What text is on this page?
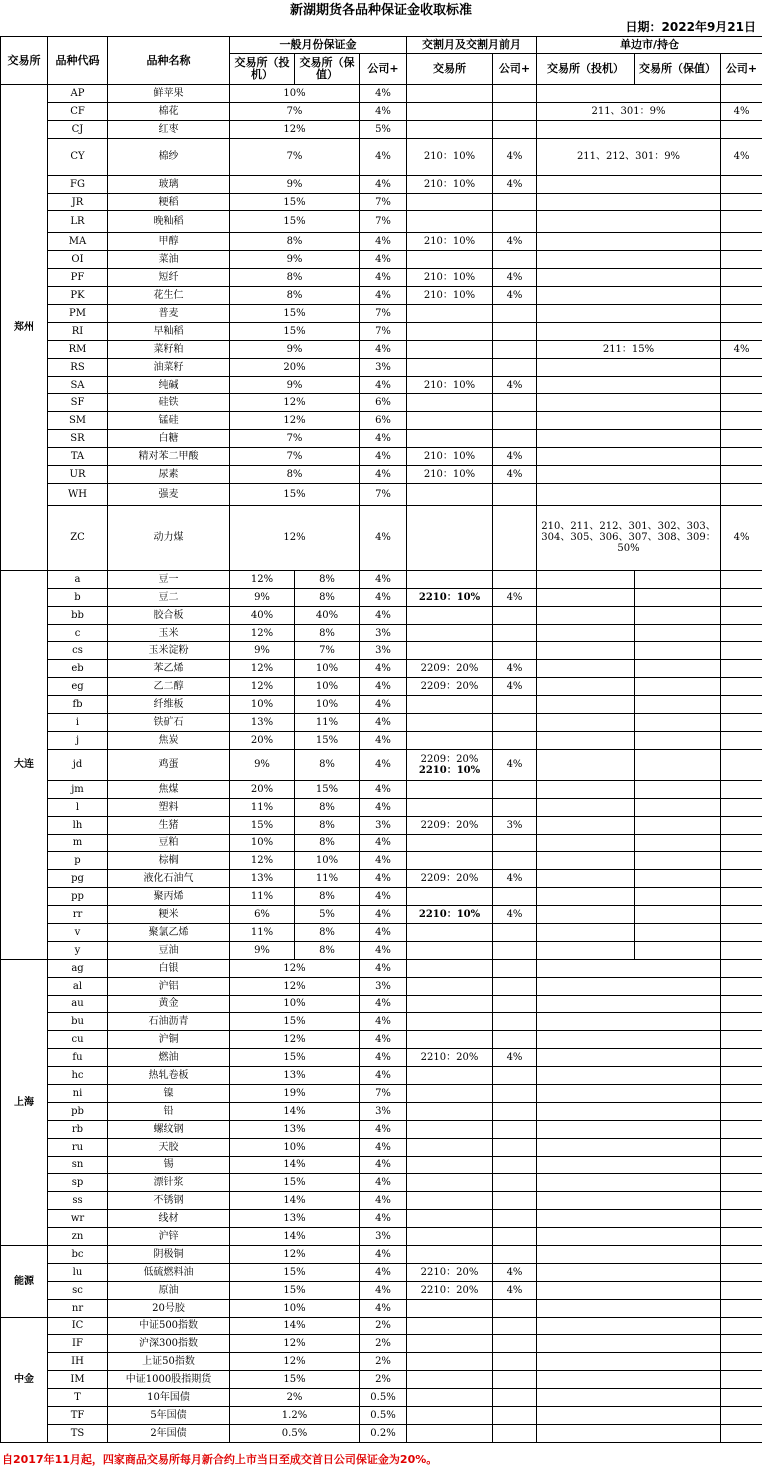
新湖期货各品种保证金收取标准
日期：2022年9月21日
交易所	品种代码	品种名称	一般月份保证金			交割月及交割月前月		单边市/持仓		
			交易所（投机）	交易所（保值）	公司+	交易所	公司+	交易所（投机）	交易所（保值）	公司+
郑州	AP	鲜苹果	10%		4%					
	CF	棉花	7%		4%			211、301：9%		4%
	CJ	红枣	12%		5%					
	CY	棉纱	7%		4%	210：10%	4%	211、212、301：9%		4%
	FG	玻璃	9%		4%	210：10%	4%			
	JR	粳稻	15%		7%					
	LR	晚籼稻	15%		7%					
	MA	甲醇	8%		4%	210：10%	4%			
	OI	菜油	9%		4%					
	PF	短纤	8%		4%	210：10%	4%			
	PK	花生仁	8%		4%	210：10%	4%			
	PM	普麦	15%		7%					
	RI	早籼稻	15%		7%					
	RM	菜籽粕	9%		4%			211：15%		4%
	RS	油菜籽	20%		3%					
	SA	纯碱	9%		4%	210：10%	4%			
	SF	硅铁	12%		6%					
	SM	锰硅	12%		6%					
	SR	白糖	7%		4%					
	TA	精对苯二甲酸	7%		4%	210：10%	4%			
	UR	尿素	8%		4%	210：10%	4%			
	WH	强麦	15%		7%					
	ZC	动力煤	12%		4%			210、211、212、301、302、303、304、305、306、307、308、309：50%		4%
大连	a	豆一	12%	8%	4%					
	b	豆二	9%	8%	4%	2210：10%	4%			
	bb	胶合板	40%	40%	4%					
	c	玉米	12%	8%	3%					
	cs	玉米淀粉	9%	7%	3%					
	eb	苯乙烯	12%	10%	4%	2209：20%	4%			
	eg	乙二醇	12%	10%	4%	2209：20%	4%			
	fb	纤维板	10%	10%	4%					
	i	铁矿石	13%	11%	4%					
	j	焦炭	20%	15%	4%					
	jd	鸡蛋	9%	8%	4%	2209：20%
2210：10%	4%			
	jm	焦煤	20%	15%	4%					
	l	塑料	11%	8%	4%					
	lh	生猪	15%	8%	3%	2209：20%	3%			
	m	豆粕	10%	8%	4%					
	p	棕榈	12%	10%	4%					
	pg	液化石油气	13%	11%	4%	2209：20%	4%			
	pp	聚丙烯	11%	8%	4%					
	rr	粳米	6%	5%	4%	2210：10%	4%			
	v	聚氯乙烯	11%	8%	4%					
	y	豆油	9%	8%	4%					
上海	ag	白银	12%		4%					
	al	沪铝	12%		3%					
	au	黄金	10%		4%					
	bu	石油沥青	15%		4%					
	cu	沪铜	12%		4%					
	fu	燃油	15%		4%	2210：20%	4%			
	hc	热轧卷板	13%		4%					
	ni	镍	19%		7%					
	pb	铅	14%		3%					
	rb	螺纹钢	13%		4%					
	ru	天胶	10%		4%					
	sn	锡	14%		4%					
	sp	漂针浆	15%		4%					
	ss	不锈钢	14%		4%					
	wr	线材	13%		4%					
	zn	沪锌	14%		3%					
能源	bc	阴极铜	12%		4%					
	lu	低硫燃料油	15%		4%	2210：20%	4%			
	sc	原油	15%		4%	2210：20%	4%			
	nr	20号胶	10%		4%					
中金	IC	中证500指数	14%		2%					
	IF	沪深300指数	12%		2%					
	IH	上证50指数	12%		2%					
	IM	中证1000股指期货	15%		2%					
	T	10年国债	2%		0.5%					
	TF	5年国债	1.2%		0.5%					
	TS	2年国债	0.5%		0.2%					
自2017年11月起，四家商品交易所每月新合约上市当日至成交首日公司保证金为20%。
